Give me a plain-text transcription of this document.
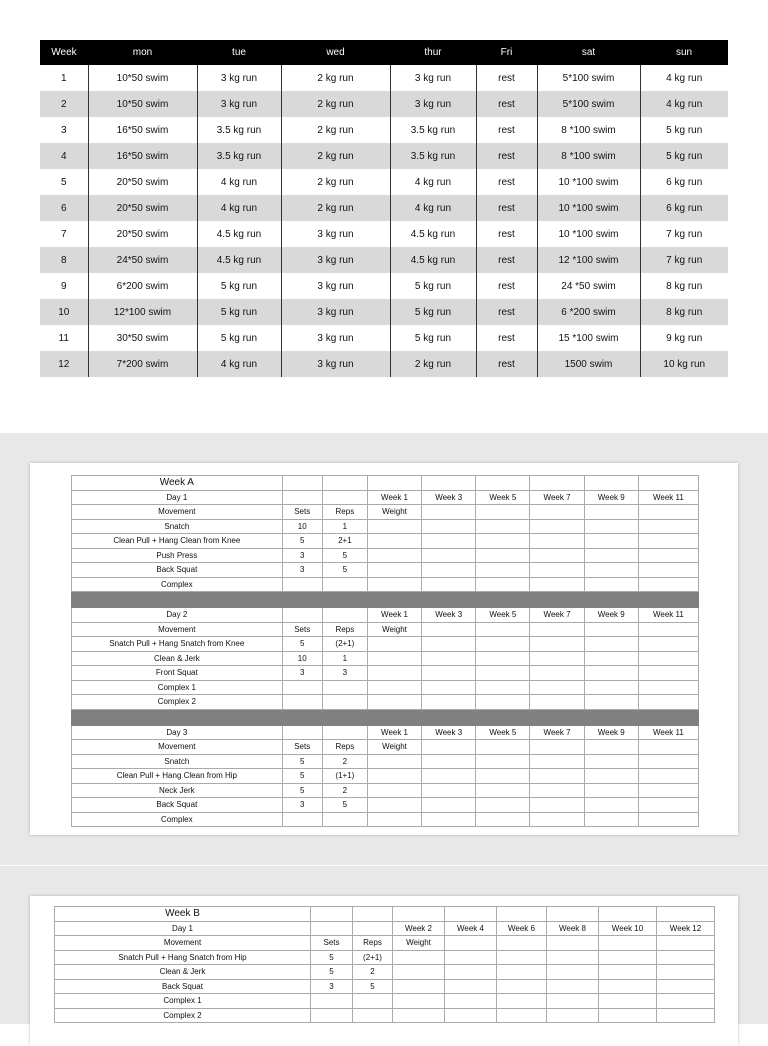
Week	mon	tue	wed	thur	Fri	sat	sun
1	10*50 swim	3 kg run	2 kg run	3 kg run	rest	5*100 swim	4 kg run
2	10*50 swim	3 kg run	2 kg run	3 kg run	rest	5*100 swim	4 kg run
3	16*50 swim	3.5 kg run	2 kg run	3.5 kg run	rest	8 *100 swim	5 kg run
4	16*50 swim	3.5 kg run	2 kg run	3.5 kg run	rest	8 *100 swim	5 kg run
5	20*50 swim	4 kg run	2 kg run	4 kg run	rest	10 *100 swim	6 kg run
6	20*50 swim	4 kg run	2 kg run	4 kg run	rest	10 *100 swim	6 kg run
7	20*50 swim	4.5 kg run	3 kg run	4.5 kg run	rest	10 *100 swim	7 kg run
8	24*50 swim	4.5 kg run	3 kg run	4.5 kg run	rest	12 *100 swim	7 kg run
9	6*200 swim	5 kg run	3 kg run	5 kg run	rest	24 *50 swim	8 kg run
10	12*100 swim	5 kg run	3 kg run	5 kg run	rest	6 *200 swim	8 kg run
11	30*50 swim	5 kg run	3 kg run	5 kg run	rest	15 *100 swim	9 kg run
12	7*200 swim	4 kg run	3 kg run	2 kg run	rest	1500 swim	10 kg run
Week A								
Day 1			Week 1	Week 3	Week 5	Week 7	Week 9	Week 11
Movement	Sets	Reps	Weight					
Snatch	10	1						
Clean Pull + Hang Clean from Knee	5	2+1						
Push Press	3	5						
Back Squat	3	5						
Complex								

Day 2			Week 1	Week 3	Week 5	Week 7	Week 9	Week 11
Movement	Sets	Reps	Weight					
Snatch Pull + Hang Snatch from Knee	5	(2+1)						
Clean & Jerk	10	1						
Front Squat	3	3						
Complex 1								
Complex 2								

Day 3			Week 1	Week 3	Week 5	Week 7	Week 9	Week 11
Movement	Sets	Reps	Weight					
Snatch	5	2						
Clean Pull + Hang Clean from Hip	5	(1+1)						
Neck Jerk	5	2						
Back Squat	3	5						
Complex								
Week B								
Day 1			Week 2	Week 4	Week 6	Week 8	Week 10	Week 12
Movement	Sets	Reps	Weight					
Snatch Pull + Hang Snatch from Hip	5	(2+1)						
Clean & Jerk	5	2						
Back Squat	3	5						
Complex 1								
Complex 2								
